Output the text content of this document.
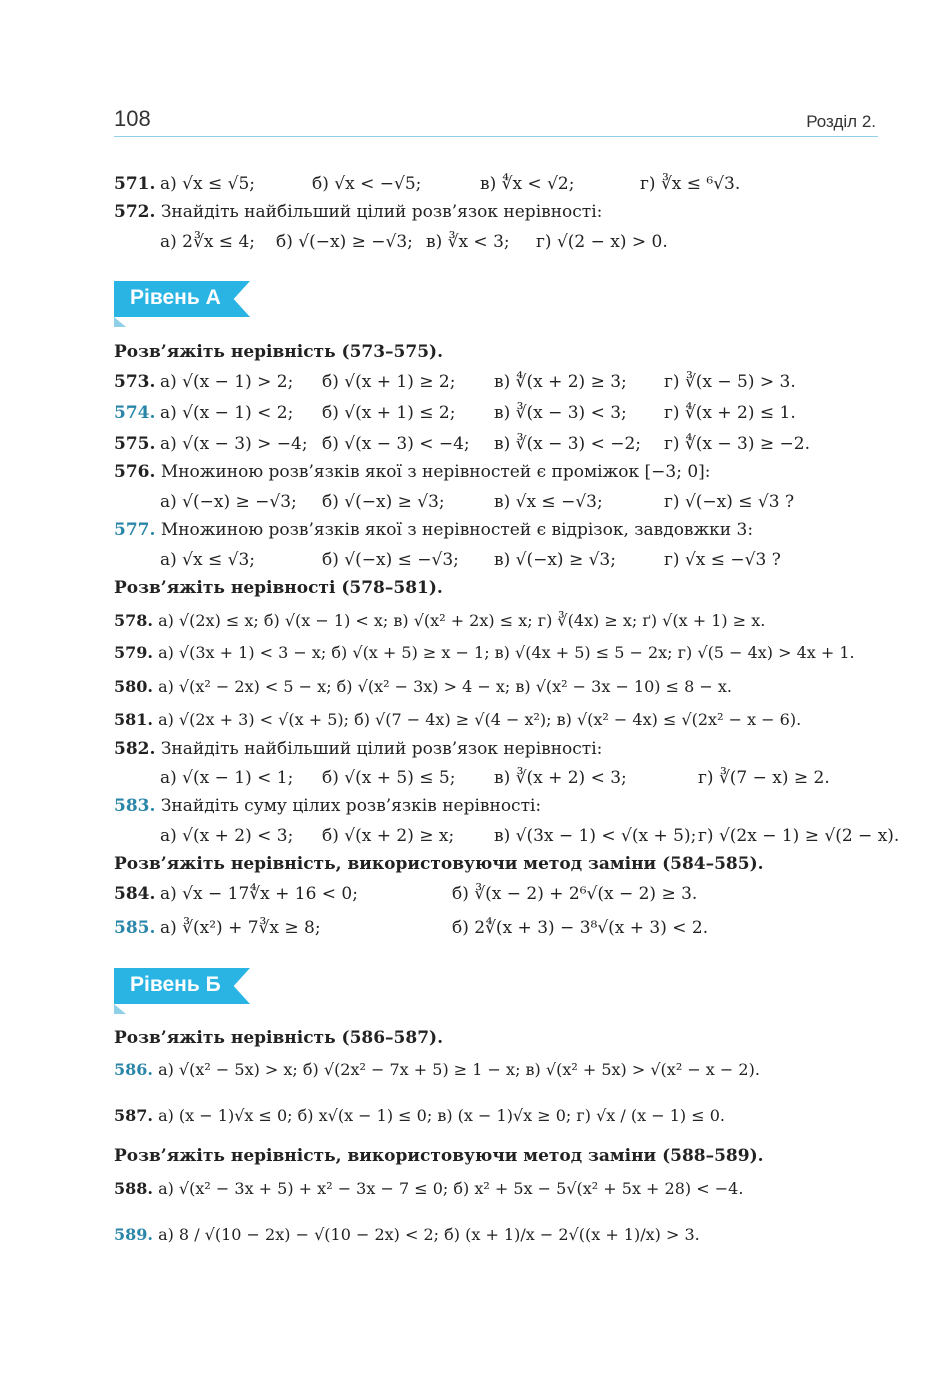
108	Розділ 2.
571. а) √x ≤ √5;	б) √x < −√5;	в) ∜x < √2;	г) ∛x ≤ ⁶√3.
572. Знайдіть найбільший цілий розв’язок нерівності:
а) 2∛x ≤ 4; б) √(−x) ≥ −√3; в) ∛x < 3; г) √(2 − x) > 0.
Рівень А
Розв’яжіть нерівність (573–575).
573. а) √(x − 1) > 2; б) √(x + 1) ≥ 2; в) ∜(x + 2) ≥ 3; г) ∛(x − 5) > 3.
574. а) √(x − 1) < 2; б) √(x + 1) ≤ 2; в) ∛(x − 3) < 3; г) ∜(x + 2) ≤ 1.
575. а) √(x − 3) > −4; б) √(x − 3) < −4; в) ∛(x − 3) < −2; г) ∜(x − 3) ≥ −2.
576. Множиною розв’язків якої з нерівностей є проміжок [−3; 0]:
а) √(−x) ≥ −√3; б) √(−x) ≥ √3;	в) √x ≤ −√3;	г) √(−x) ≤ √3 ?
577. Множиною розв’язків якої з нерівностей є відрізок, завдовжки 3:
а) √x ≤ √3;	б) √(−x) ≤ −√3; в) √(−x) ≥ √3;	г) √x ≤ −√3 ?
Розв’яжіть нерівності (578–581).
578. а) √(2x) ≤ x; б) √(x − 1) < x; в) √(x² + 2x) ≤ x; г) ∛(4x) ≥ x; ґ) √(x + 1) ≥ x.
579. а) √(3x + 1) < 3 − x; б) √(x + 5) ≥ x − 1; в) √(4x + 5) ≤ 5 − 2x; г) √(5 − 4x) > 4x + 1.
580. а) √(x² − 2x) < 5 − x; б) √(x² − 3x) > 4 − x; в) √(x² − 3x − 10) ≤ 8 − x.
581. а) √(2x + 3) < √(x + 5); б) √(7 − 4x) ≥ √(4 − x²); в) √(x² − 4x) ≤ √(2x² − x − 6).
582. Знайдіть найбільший цілий розв’язок нерівності:
а) √(x − 1) < 1; б) √(x + 5) ≤ 5; в) ∛(x + 2) < 3;	г) ∛(7 − x) ≥ 2.
583. Знайдіть суму цілих розв’язків нерівності:
а) √(x + 2) < 3; б) √(x + 2) ≥ x; в) √(3x − 1) < √(x + 5); г) √(2x − 1) ≥ √(2 − x).
Розв’яжіть нерівність, використовуючи метод заміни (584–585).
584. а) √x − 17∜x + 16 < 0;	б) ∛(x − 2) + 2⁶√(x − 2) ≥ 3.
585. а) ∛(x²) + 7∛x ≥ 8;	б) 2∜(x + 3) − 3⁸√(x + 3) < 2.
Рівень Б
Розв’яжіть нерівність (586–587).
586. а) √(x² − 5x) > x; б) √(2x² − 7x + 5) ≥ 1 − x; в) √(x² + 5x) > √(x² − x − 2).
587. а) (x − 1)√x ≤ 0; б) x√(x − 1) ≤ 0; в) (x − 1)√x ≥ 0; г) √x / (x − 1) ≤ 0.
Розв’яжіть нерівність, використовуючи метод заміни (588–589).
588. а) √(x² − 3x + 5) + x² − 3x − 7 ≤ 0; б) x² + 5x − 5√(x² + 5x + 28) < −4.
589. а) 8 / √(10 − 2x) − √(10 − 2x) < 2; б) (x + 1)/x − 2√((x + 1)/x) > 3.
